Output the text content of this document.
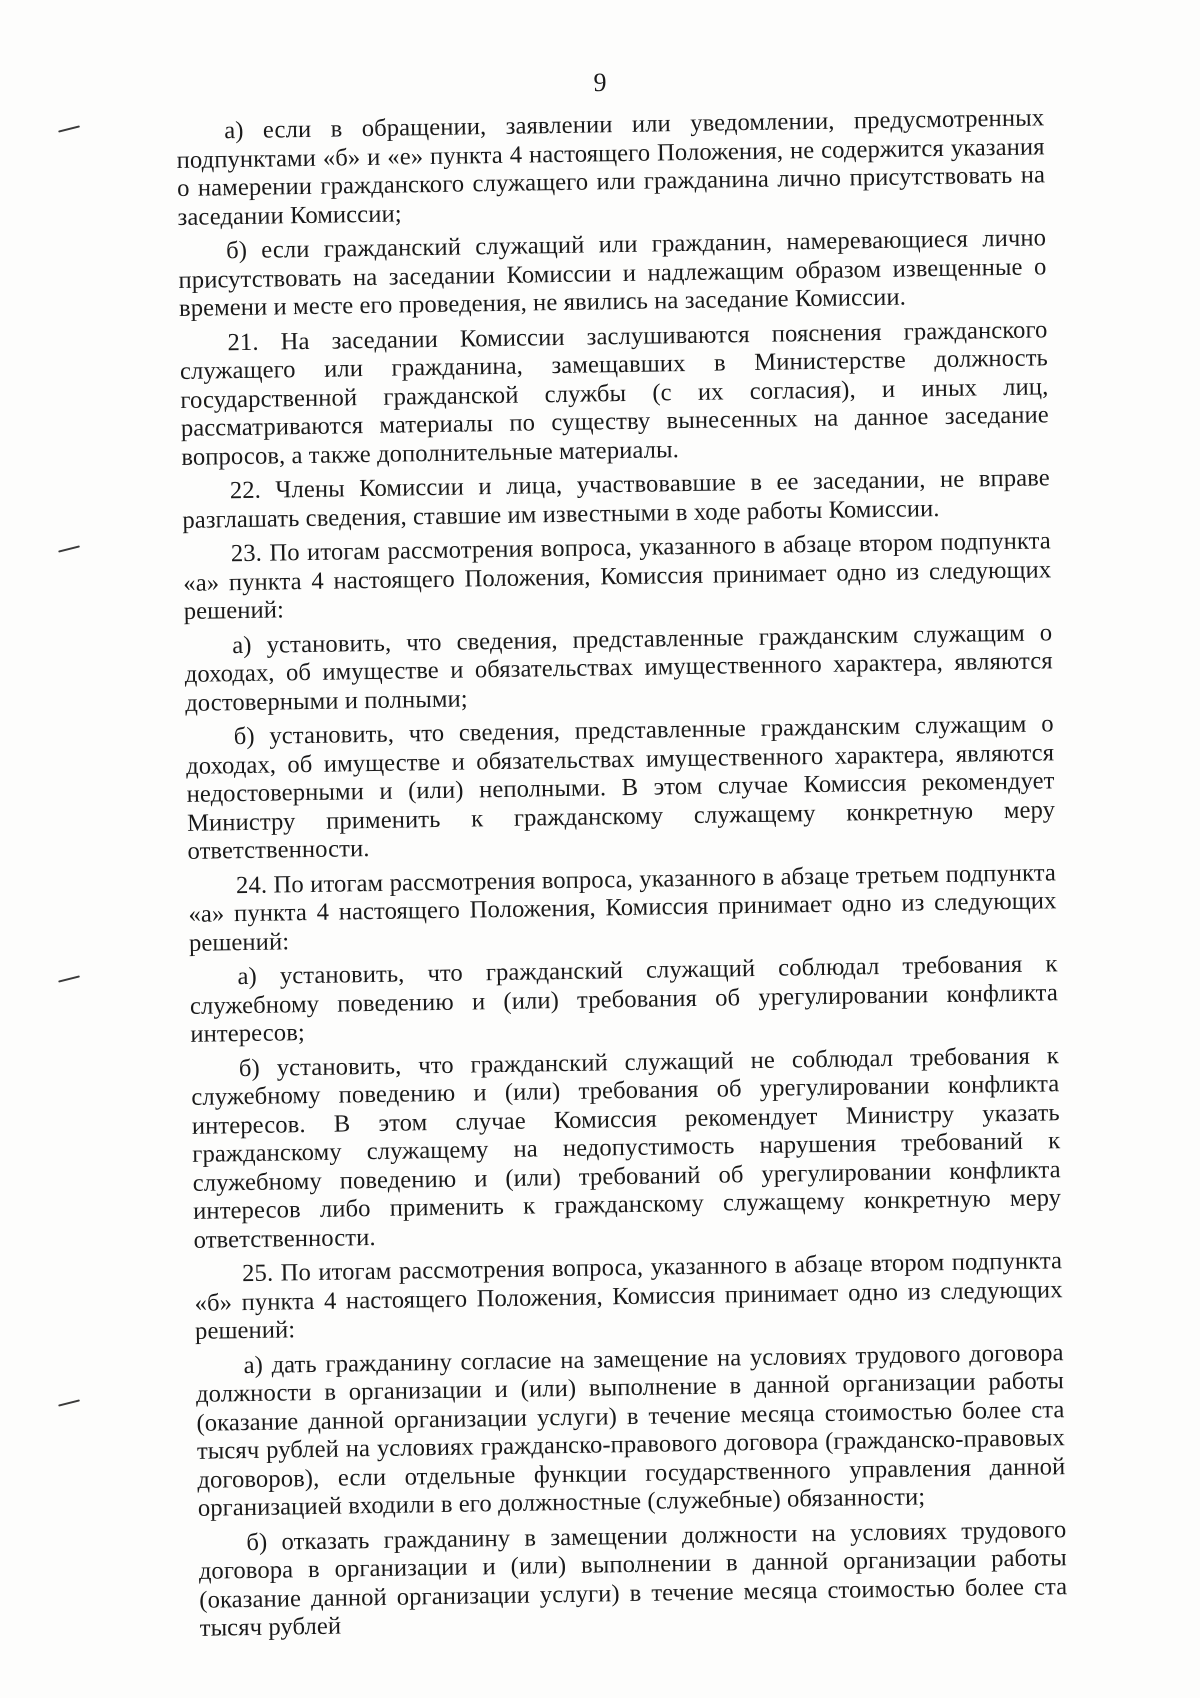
9

а) если в обращении, заявлении или уведомлении, предусмотренных подпунктами «б» и «е» пункта 4 настоящего Положения, не содержится указания о намерении гражданского служащего или гражданина лично присутствовать на заседании Комиссии;

б) если гражданский служащий или гражданин, намеревающиеся лично присутствовать на заседании Комиссии и надлежащим образом извещенные о времени и месте его проведения, не явились на заседание Комиссии.

21. На заседании Комиссии заслушиваются пояснения гражданского служащего или гражданина, замещавших в Министерстве должность государственной гражданской службы (с их согласия), и иных лиц, рассматриваются материалы по существу вынесенных на данное заседание вопросов, а также дополнительные материалы.

22. Члены Комиссии и лица, участвовавшие в ее заседании, не вправе разглашать сведения, ставшие им известными в ходе работы Комиссии.

23. По итогам рассмотрения вопроса, указанного в абзаце втором подпункта «а» пункта 4 настоящего Положения, Комиссия принимает одно из следующих решений:

а) установить, что сведения, представленные гражданским служащим о доходах, об имуществе и обязательствах имущественного характера, являются достоверными и полными;

б) установить, что сведения, представленные гражданским служащим о доходах, об имуществе и обязательствах имущественного характера, являются недостоверными и (или) неполными. В этом случае Комиссия рекомендует Министру применить к гражданскому служащему конкретную меру ответственности.

24. По итогам рассмотрения вопроса, указанного в абзаце третьем подпункта «а» пункта 4 настоящего Положения, Комиссия принимает одно из следующих решений:

а) установить, что гражданский служащий соблюдал требования к служебному поведению и (или) требования об урегулировании конфликта интересов;

б) установить, что гражданский служащий не соблюдал требования к служебному поведению и (или) требования об урегулировании конфликта интересов. В этом случае Комиссия рекомендует Министру указать гражданскому служащему на недопустимость нарушения требований к служебному поведению и (или) требований об урегулировании конфликта интересов либо применить к гражданскому служащему конкретную меру ответственности.

25. По итогам рассмотрения вопроса, указанного в абзаце втором подпункта «б» пункта 4 настоящего Положения, Комиссия принимает одно из следующих решений:

а) дать гражданину согласие на замещение на условиях трудового договора должности в организации и (или) выполнение в данной организации работы (оказание данной организации услуги) в течение месяца стоимостью более ста тысяч рублей на условиях гражданско-правового договора (гражданско-правовых договоров), если отдельные функции государственного управления данной организацией входили в его должностные (служебные) обязанности;

б) отказать гражданину в замещении должности на условиях трудового договора в организации и (или) выполнении в данной организации работы (оказание данной организации услуги) в течение месяца стоимостью более ста тысяч рублей
